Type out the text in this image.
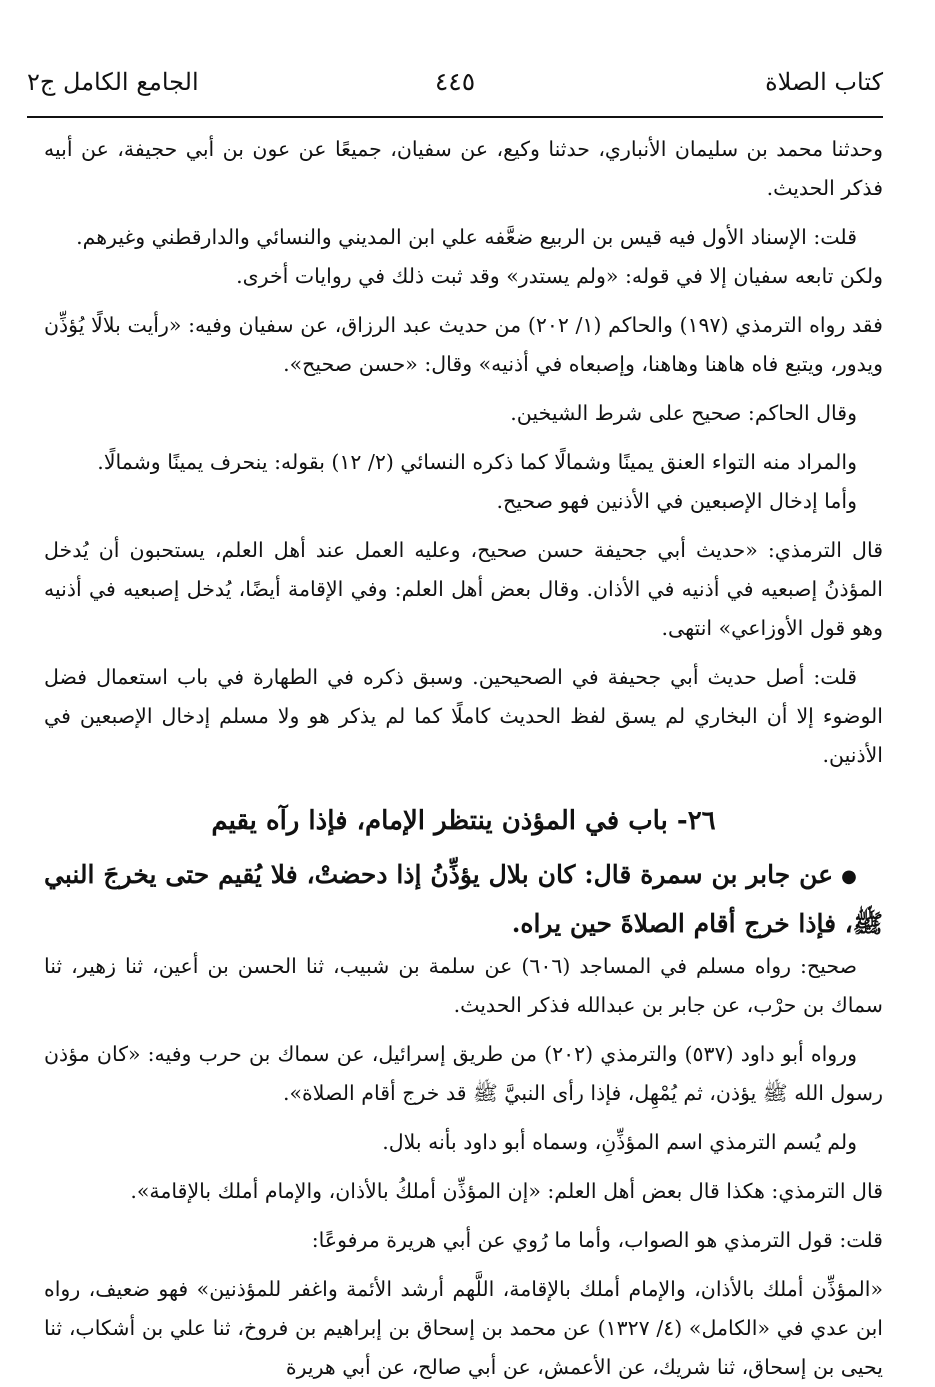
كتاب الصلاة
٤٤٥
الجامع الكامل ج٢

وحدثنا محمد بن سليمان الأنباري، حدثنا وكيع، عن سفيان، جميعًا عن عون بن أبي حجيفة، عن أبيه فذكر الحديث.

قلت: الإسناد الأول فيه قيس بن الربيع ضعَّفه علي ابن المديني والنسائي والدارقطني وغيرهم.

ولكن تابعه سفيان إلا في قوله: «ولم يستدر» وقد ثبت ذلك في روايات أخرى.

فقد رواه الترمذي (١٩٧) والحاكم (١/ ٢٠٢) من حديث عبد الرزاق، عن سفيان وفيه: «رأيت بلالًا يُؤذِّن ويدور، ويتبع فاه هاهنا وهاهنا، وإصبعاه في أذنيه» وقال: «حسن صحيح».

وقال الحاكم: صحيح على شرط الشيخين.

والمراد منه التواء العنق يمينًا وشمالًا كما ذكره النسائي (٢/ ١٢) بقوله: ينحرف يمينًا وشمالًا.

وأما إدخال الإصبعين في الأذنين فهو صحيح.

قال الترمذي: «حديث أبي جحيفة حسن صحيح، وعليه العمل عند أهل العلم، يستحبون أن يُدخل المؤذنُ إصبعيه في أذنيه في الأذان. وقال بعض أهل العلم: وفي الإقامة أيضًا، يُدخل إصبعيه في أذنيه وهو قول الأوزاعي» انتهى.

قلت: أصل حديث أبي جحيفة في الصحيحين. وسبق ذكره في الطهارة في باب استعمال فضل الوضوء إلا أن البخاري لم يسق لفظ الحديث كاملًا كما لم يذكر هو ولا مسلم إدخال الإصبعين في الأذنين.

٢٦- باب في المؤذن ينتظر الإمام، فإذا رآه يقيم

●عن جابر بن سمرة قال: كان بلال يؤذِّنُ إذا دحضتْ، فلا يُقيم حتى يخرجَ النبي ﷺ، فإذا خرج أقام الصلاةَ حين يراه.

صحيح: رواه مسلم في المساجد (٦٠٦) عن سلمة بن شبيب، ثنا الحسن بن أعين، ثنا زهير، ثنا سماك بن حرْب، عن جابر بن عبدالله فذكر الحديث.

ورواه أبو داود (٥٣٧) والترمذي (٢٠٢) من طريق إسرائيل، عن سماك بن حرب وفيه: «كان مؤذن رسول الله ﷺ يؤذن، ثم يُمْهِل، فإذا رأى النبيَّ ﷺ قد خرج أقام الصلاة».

ولم يُسم الترمذي اسم المؤذِّنِ، وسماه أبو داود بأنه بلال.

قال الترمذي: هكذا قال بعض أهل العلم: «إن المؤذِّن أملكُ بالأذان، والإمام أملك بالإقامة».

قلت: قول الترمذي هو الصواب، وأما ما رُوي عن أبي هريرة مرفوعًا:

«المؤذِّن أملك بالأذان، والإمام أملك بالإقامة، اللَّهم أرشد الأئمة واغفر للمؤذنين» فهو ضعيف، رواه ابن عدي في «الكامل» (٤/ ١٣٢٧) عن محمد بن إسحاق بن إبراهيم بن فروخ، ثنا علي بن أشكاب، ثنا يحيى بن إسحاق، ثنا شريك، عن الأعمش، عن أبي صالح، عن أبي هريرة
